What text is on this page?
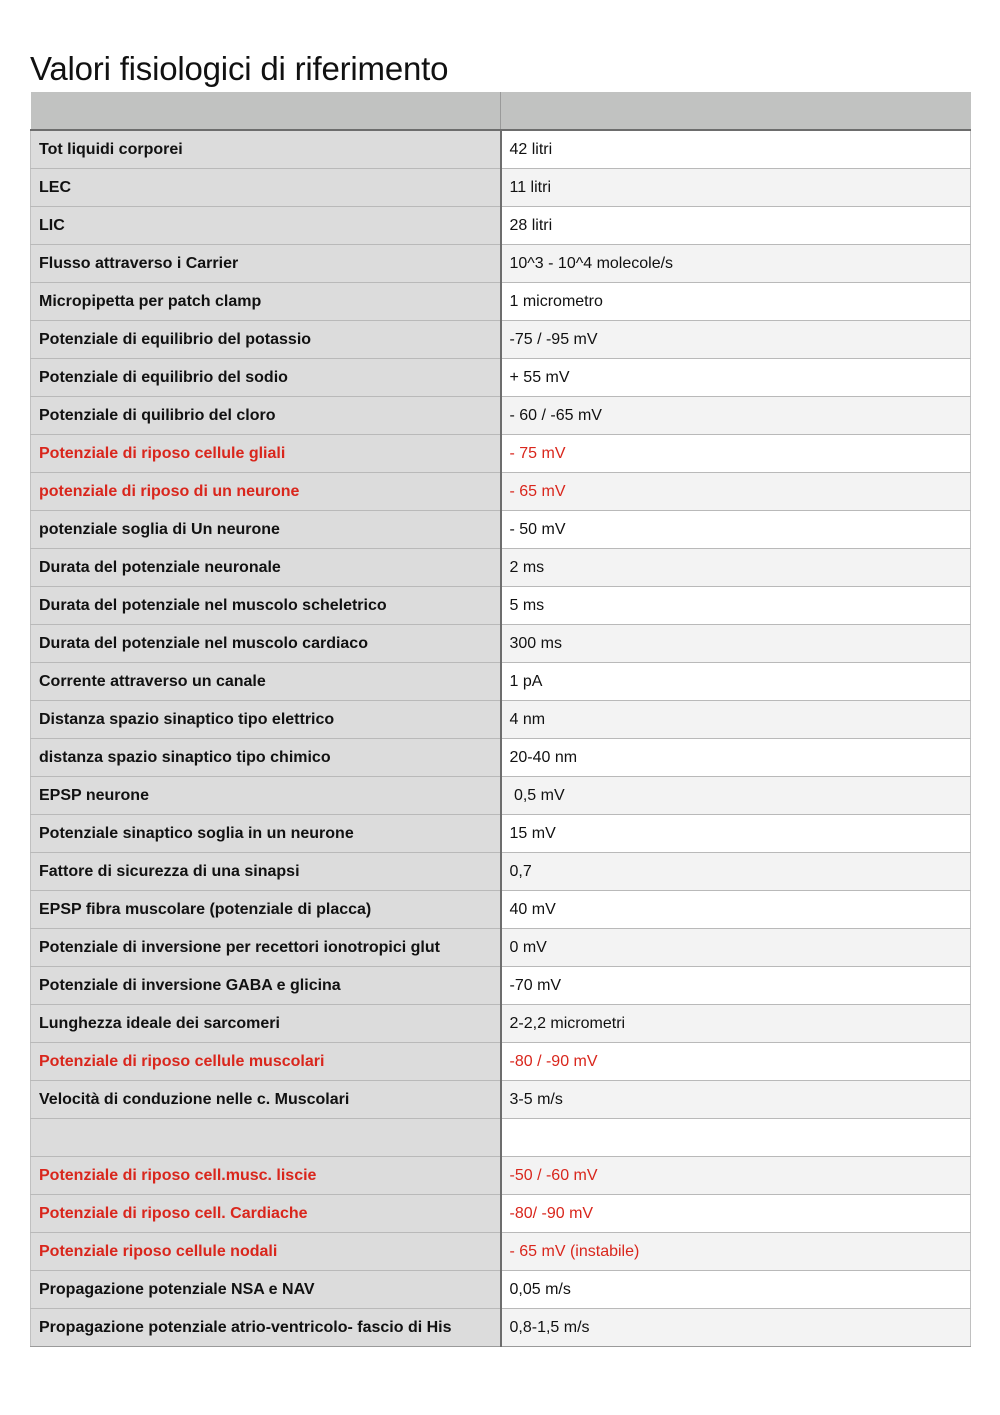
Valori fisiologici di riferimento

Tot liquidi corporei	42 litri
LEC	11 litri
LIC	28 litri
Flusso attraverso i Carrier	10^3 - 10^4 molecole/s
Micropipetta per patch clamp	1 micrometro
Potenziale di equilibrio del potassio	-75 / -95 mV
Potenziale di equilibrio del sodio	+ 55 mV
Potenziale di quilibrio del cloro	- 60 / -65 mV
Potenziale di riposo cellule gliali	- 75 mV
potenziale di riposo di un neurone	- 65 mV
potenziale soglia di Un neurone	- 50 mV
Durata del potenziale neuronale	2 ms
Durata del potenziale nel muscolo scheletrico	5 ms
Durata del potenziale nel muscolo cardiaco	300 ms
Corrente attraverso un canale	1 pA
Distanza spazio sinaptico tipo elettrico	4 nm
distanza spazio sinaptico tipo chimico	20-40 nm
EPSP neurone	0,5 mV
Potenziale sinaptico soglia in un neurone	15 mV
Fattore di sicurezza di una sinapsi	0,7
EPSP fibra muscolare (potenziale di placca)	40 mV
Potenziale di inversione per recettori ionotropici glut	0 mV
Potenziale di inversione GABA e glicina	-70 mV
Lunghezza ideale dei sarcomeri	2-2,2 micrometri
Potenziale di riposo cellule muscolari	-80 / -90 mV
Velocità di conduzione nelle c. Muscolari	3-5 m/s

Potenziale di riposo cell.musc. liscie	-50 / -60 mV
Potenziale di riposo cell. Cardiache	-80/ -90 mV
Potenziale riposo cellule nodali	- 65 mV (instabile)
Propagazione potenziale NSA e NAV	0,05 m/s
Propagazione potenziale atrio-ventricolo- fascio di His	0,8-1,5 m/s
